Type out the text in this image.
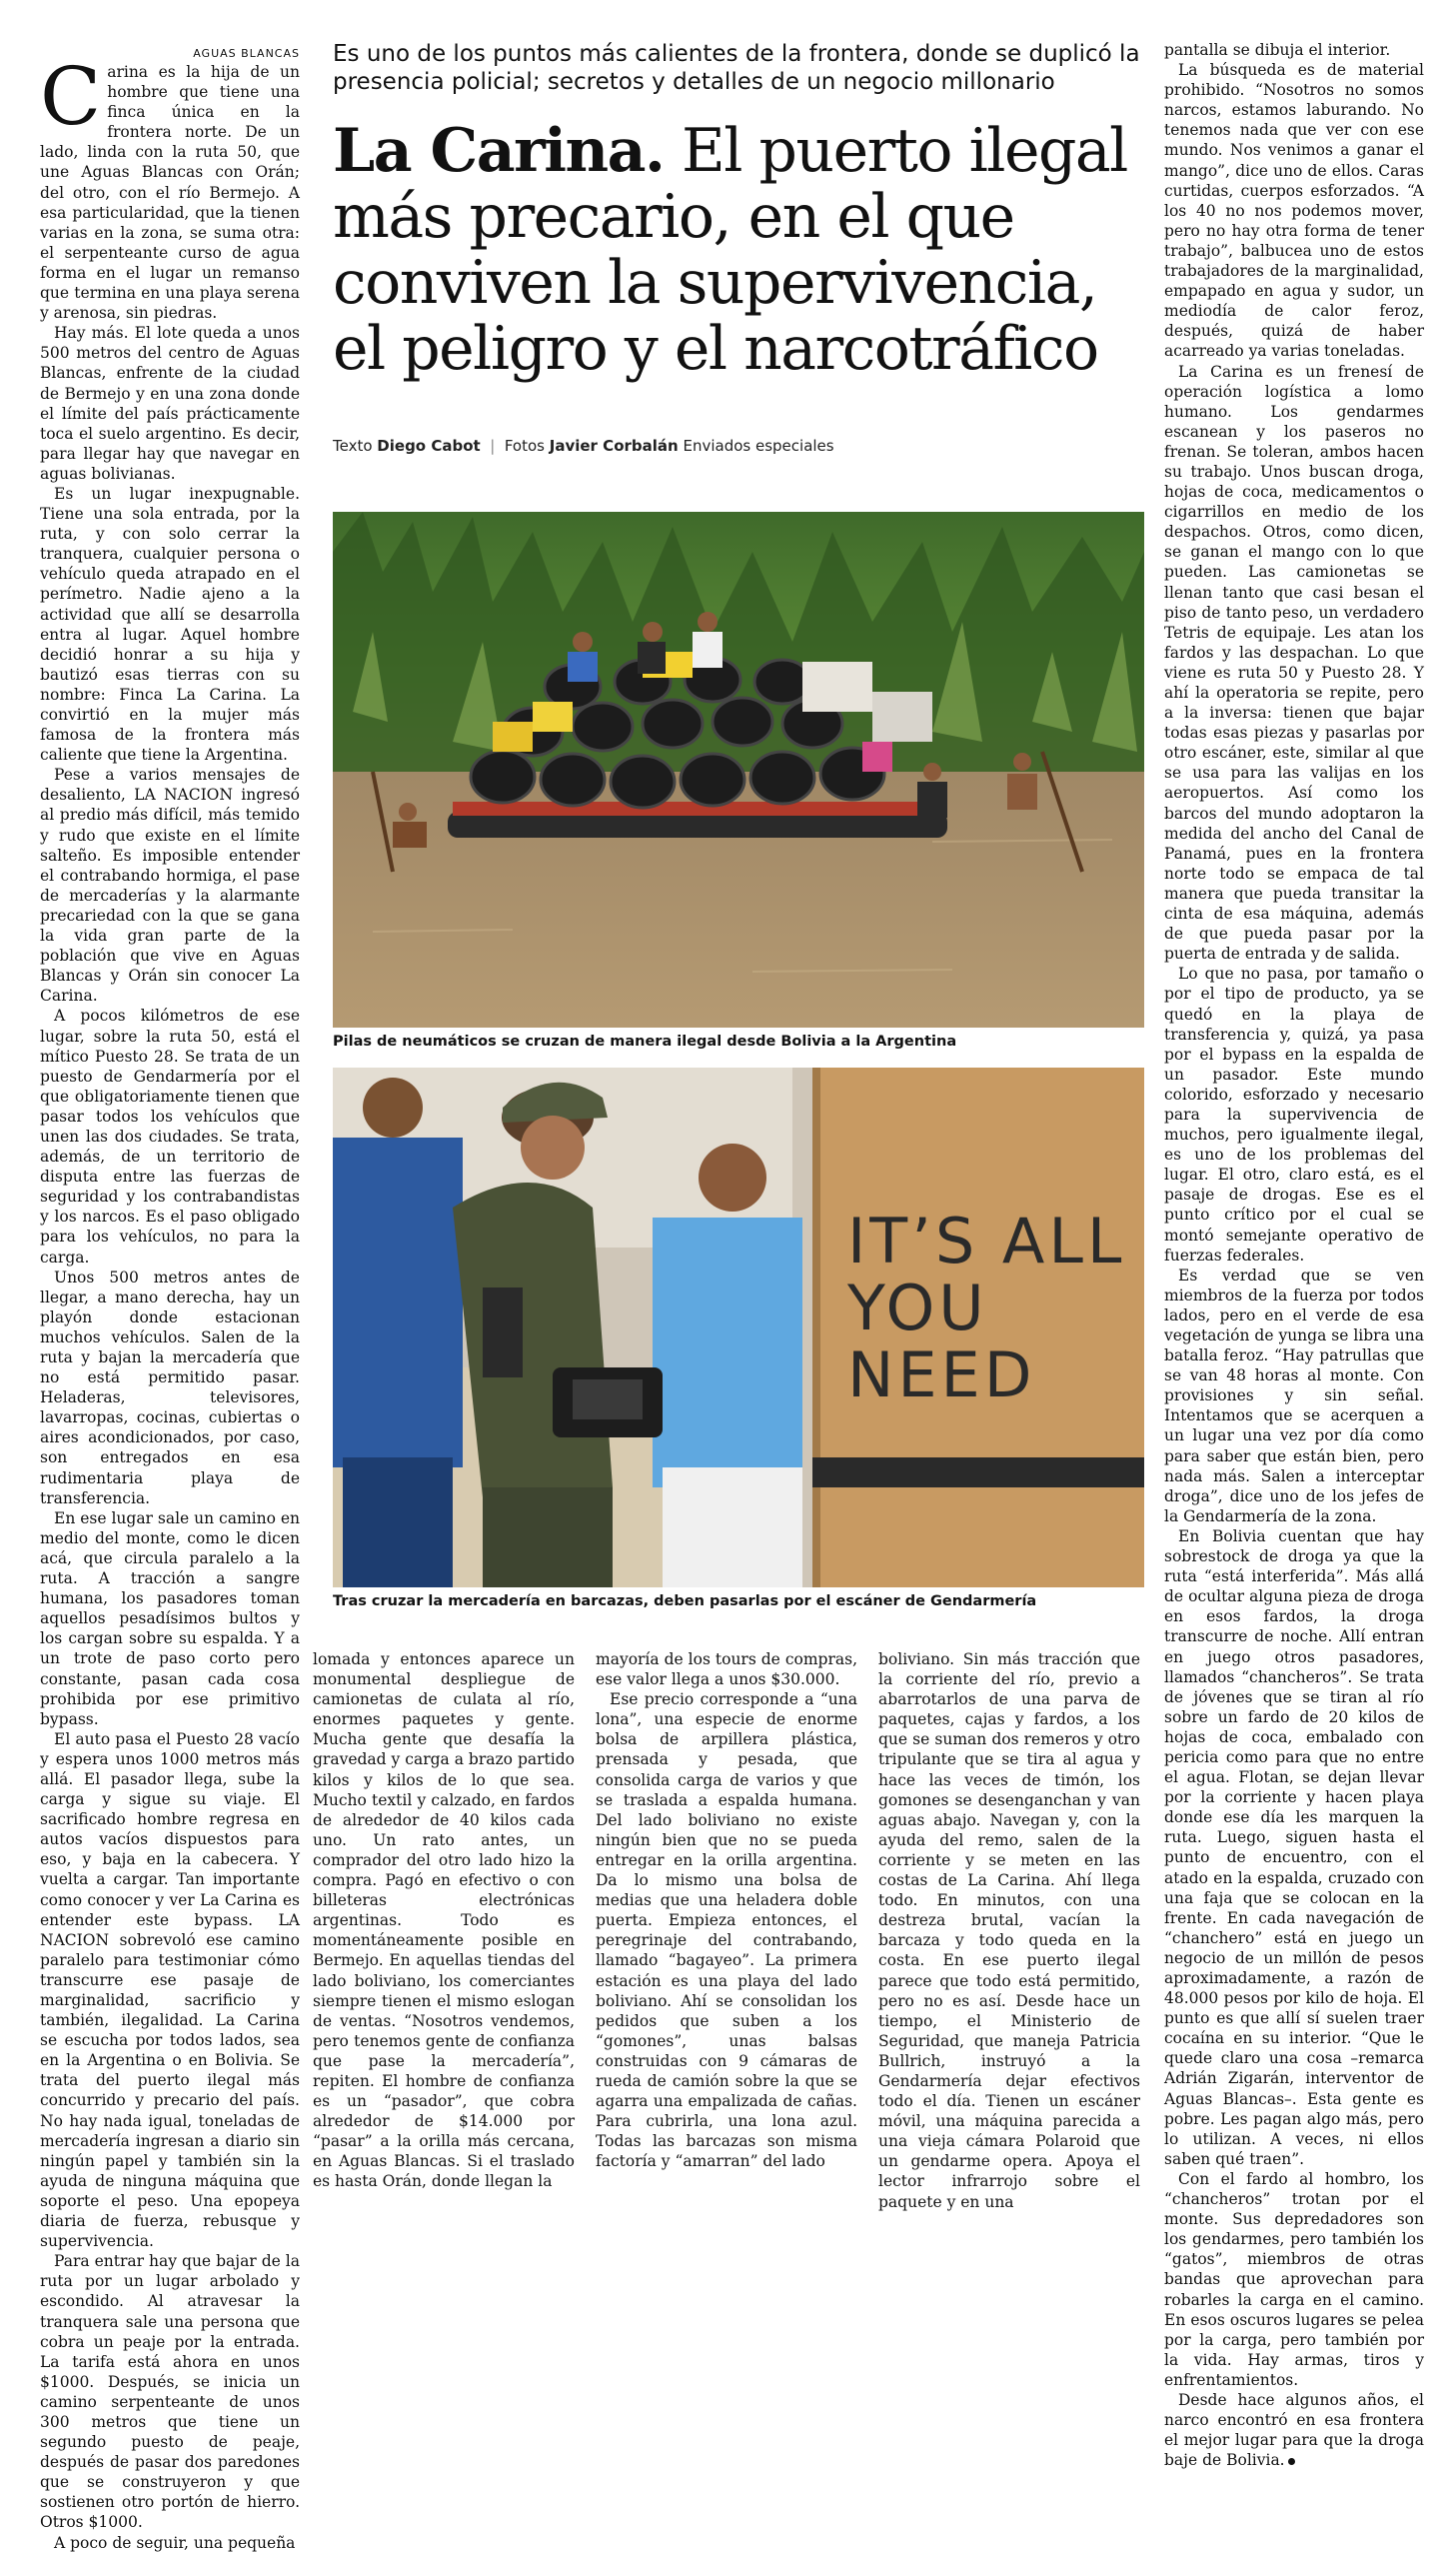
AGUAS BLANCAS

Carina es la hija de un hombre que tiene una finca única en la frontera norte. De un lado, linda con la ruta 50, que une Aguas Blancas con Orán; del otro, con el río Bermejo. A esa particularidad, que la tienen varias en la zona, se suma otra: el serpenteante curso de agua forma en el lugar un remanso que termina en una playa serena y arenosa, sin piedras.

Hay más. El lote queda a unos 500 metros del centro de Aguas Blancas, enfrente de la ciudad de Bermejo y en una zona donde el límite del país prácticamente toca el suelo argentino. Es decir, para llegar hay que navegar en aguas bolivianas.

Es un lugar inexpugnable. Tiene una sola entrada, por la ruta, y con solo cerrar la tranquera, cualquier persona o vehículo queda atrapado en el perímetro. Nadie ajeno a la actividad que allí se desarrolla entra al lugar. Aquel hombre decidió honrar a su hija y bautizó esas tierras con su nombre: Finca La Carina. La convirtió en la mujer más famosa de la frontera más caliente que tiene la Argentina.

Pese a varios mensajes de desaliento, LA NACION ingresó al predio más difícil, más temido y rudo que existe en el límite salteño. Es imposible entender el contrabando hormiga, el pase de mercaderías y la alarmante precariedad con la que se gana la vida gran parte de la población que vive en Aguas Blancas y Orán sin conocer La Carina.

A pocos kilómetros de ese lugar, sobre la ruta 50, está el mítico Puesto 28. Se trata de un puesto de Gendarmería por el que obligatoriamente tienen que pasar todos los vehículos que unen las dos ciudades. Se trata, además, de un territorio de disputa entre las fuerzas de seguridad y los contrabandistas y los narcos. Es el paso obligado para los vehículos, no para la carga.

Unos 500 metros antes de llegar, a mano derecha, hay un playón donde estacionan muchos vehículos. Salen de la ruta y bajan la mercadería que no está permitido pasar. Heladeras, televisores, lavarropas, cocinas, cubiertas o aires acondicionados, por caso, son entregados en esa rudimentaria playa de transferencia.

En ese lugar sale un camino en medio del monte, como le dicen acá, que circula paralelo a la ruta. A tracción a sangre humana, los pasadores toman aquellos pesadísimos bultos y los cargan sobre su espalda. Y a un trote de paso corto pero constante, pasan cada cosa prohibida por ese primitivo bypass.

El auto pasa el Puesto 28 vacío y espera unos 1000 metros más allá. El pasador llega, sube la carga y sigue su viaje. El sacrificado hombre regresa en autos vacíos dispuestos para eso, y baja en la cabecera. Y vuelta a cargar. Tan importante como conocer y ver La Carina es entender este bypass. LA NACION sobrevoló ese camino paralelo para testimoniar cómo transcurre ese pasaje de marginalidad, sacrificio y también, ilegalidad. La Carina se escucha por todos lados, sea en la Argentina o en Bolivia. Se trata del puerto ilegal más concurrido y precario del país. No hay nada igual, toneladas de mercadería ingresan a diario sin ningún papel y también sin la ayuda de ninguna máquina que soporte el peso. Una epopeya diaria de fuerza, rebusque y supervivencia.

Para entrar hay que bajar de la ruta por un lugar arbolado y escondido. Al atravesar la tranquera sale una persona que cobra un peaje por la entrada. La tarifa está ahora en unos $1000. Después, se inicia un camino serpenteante de unos 300 metros que tiene un segundo puesto de peaje, después de pasar dos paredones que se construyeron y que sostienen otro portón de hierro. Otros $1000.

A poco de seguir, una pequeña

Es uno de los puntos más calientes de la frontera, donde se duplicó la presencia policial; secretos y detalles de un negocio millonario
La Carina. El puerto ilegal más precario, en el que conviven la supervivencia, el peligro y el narcotráfico
Texto Diego Cabot  |  Fotos Javier Corbalán Enviados especiales
Pilas de neumáticos se cruzan de manera ilegal desde Bolivia a la Argentina
IT’S ALL
YOU
NEED
Tras cruzar la mercadería en barcazas, deben pasarlas por el escáner de Gendarmería

lomada y entonces aparece un monumental despliegue de camionetas de culata al río, enormes paquetes y gente. Mucha gente que desafía la gravedad y carga a brazo partido kilos y kilos de lo que sea. Mucho textil y calzado, en fardos de alrededor de 40 kilos cada uno. Un rato antes, un comprador del otro lado hizo la compra. Pagó en efectivo o con billeteras electrónicas argentinas. Todo es momentáneamente posible en Bermejo. En aquellas tiendas del lado boliviano, los comerciantes siempre tienen el mismo eslogan de ventas. “Nosotros vendemos, pero tenemos gente de confianza que pase la mercadería”, repiten. El hombre de confianza es un “pasador”, que cobra alrededor de $14.000 por “pasar” a la orilla más cercana, en Aguas Blancas. Si el traslado es hasta Orán, donde llegan la

mayoría de los tours de compras, ese valor llega a unos $30.000.

Ese precio corresponde a “una lona”, una especie de enorme bolsa de arpillera plástica, prensada y pesada, que consolida carga de varios y que se traslada a espalda humana. Del lado boliviano no existe ningún bien que no se pueda entregar en la orilla argentina. Da lo mismo una bolsa de medias que una heladera doble puerta. Empieza entonces, el peregrinaje del contrabando, llamado “bagayeo”. La primera estación es una playa del lado boliviano. Ahí se consolidan los pedidos que suben a los “gomones”, unas balsas construidas con 9 cámaras de rueda de camión sobre la que se agarra una empalizada de cañas. Para cubrirla, una lona azul. Todas las barcazas son misma factoría y “amarran” del lado

boliviano. Sin más tracción que la corriente del río, previo a abarrotarlos de una parva de paquetes, cajas y fardos, a los que se suman dos remeros y otro tripulante que se tira al agua y hace las veces de timón, los gomones se desenganchan y van aguas abajo. Navegan y, con la ayuda del remo, salen de la corriente y se meten en las costas de La Carina. Ahí llega todo. En minutos, con una destreza brutal, vacían la barcaza y todo queda en la costa. En ese puerto ilegal parece que todo está permitido, pero no es así. Desde hace un tiempo, el Ministerio de Seguridad, que maneja Patricia Bullrich, instruyó a la Gendarmería dejar efectivos todo el día. Tienen un escáner móvil, una máquina parecida a una vieja cámara Polaroid que un gendarme opera. Apoya el lector infrarrojo sobre el paquete y en una

pantalla se dibuja el interior.

La búsqueda es de material prohibido. “Nosotros no somos narcos, estamos laburando. No tenemos nada que ver con ese mundo. Nos venimos a ganar el mango”, dice uno de ellos. Caras curtidas, cuerpos esforzados. “A los 40 no nos podemos mover, pero no hay otra forma de tener trabajo”, balbucea uno de estos trabajadores de la marginalidad, empapado en agua y sudor, un mediodía de calor feroz, después, quizá de haber acarreado ya varias toneladas.

La Carina es un frenesí de operación logística a lomo humano. Los gendarmes escanean y los paseros no frenan. Se toleran, ambos hacen su trabajo. Unos buscan droga, hojas de coca, medicamentos o cigarrillos en medio de los despachos. Otros, como dicen, se ganan el mango con lo que pueden. Las camionetas se llenan tanto que casi besan el piso de tanto peso, un verdadero Tetris de equipaje. Les atan los fardos y las despachan. Lo que viene es ruta 50 y Puesto 28. Y ahí la operatoria se repite, pero a la inversa: tienen que bajar todas esas piezas y pasarlas por otro escáner, este, similar al que se usa para las valijas en los aeropuertos. Así como los barcos del mundo adoptaron la medida del ancho del Canal de Panamá, pues en la frontera norte todo se empaca de tal manera que pueda transitar la cinta de esa máquina, además de que pueda pasar por la puerta de entrada y de salida.

Lo que no pasa, por tamaño o por el tipo de producto, ya se quedó en la playa de transferencia y, quizá, ya pasa por el bypass en la espalda de un pasador. Este mundo colorido, esforzado y necesario para la supervivencia de muchos, pero igualmente ilegal, es uno de los problemas del lugar. El otro, claro está, es el pasaje de drogas. Ese es el punto crítico por el cual se montó semejante operativo de fuerzas federales.

Es verdad que se ven miembros de la fuerza por todos lados, pero en el verde de esa vegetación de yunga se libra una batalla feroz. “Hay patrullas que se van 48 horas al monte. Con provisiones y sin señal. Intentamos que se acerquen a un lugar una vez por día como para saber que están bien, pero nada más. Salen a interceptar droga”, dice uno de los jefes de la Gendarmería de la zona.

En Bolivia cuentan que hay sobrestock de droga ya que la ruta “está interferida”. Más allá de ocultar alguna pieza de droga en esos fardos, la droga transcurre de noche. Allí entran en juego otros pasadores, llamados “chancheros”. Se trata de jóvenes que se tiran al río sobre un fardo de 20 kilos de hojas de coca, embalado con pericia como para que no entre el agua. Flotan, se dejan llevar por la corriente y hacen playa donde ese día les marquen la ruta. Luego, siguen hasta el punto de encuentro, con el atado en la espalda, cruzado con una faja que se colocan en la frente. En cada navegación de “chanchero” está en juego un negocio de un millón de pesos aproximadamente, a razón de 48.000 pesos por kilo de hoja. El punto es que allí sí suelen traer cocaína en su interior. “Que le quede claro una cosa –remarca Adrián Zigarán, interventor de Aguas Blancas–. Esta gente es pobre. Les pagan algo más, pero lo utilizan. A veces, ni ellos saben qué traen”.

Con el fardo al hombro, los “chancheros” trotan por el monte. Sus depredadores son los gendarmes, pero también los “gatos”, miembros de otras bandas que aprovechan para robarles la carga en el camino. En esos oscuros lugares se pelea por la carga, pero también por la vida. Hay armas, tiros y enfrentamientos.

Desde hace algunos años, el narco encontró en esa frontera el mejor lugar para que la droga baje de Bolivia.
